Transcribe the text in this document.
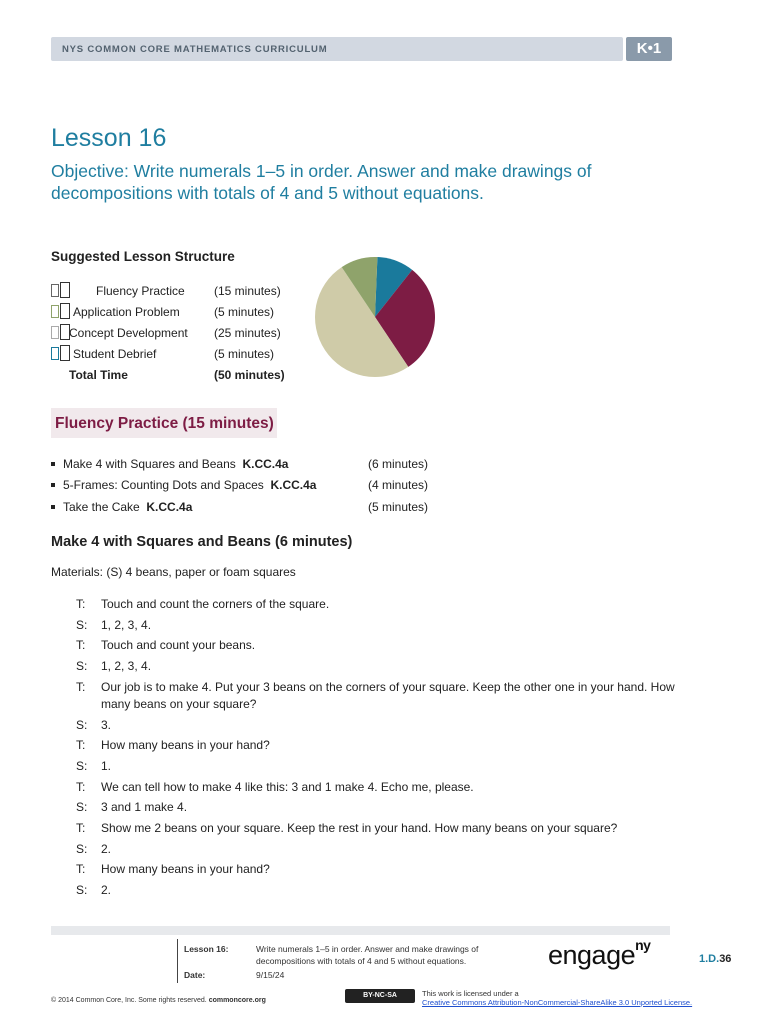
NYS COMMON CORE MATHEMATICS CURRICULUM	K•1
Lesson 16
Objective: Write numerals 1–5 in order. Answer and make drawings of decompositions with totals of 4 and 5 without equations.
Suggested Lesson Structure
Fluency Practice (15 minutes)
Application Problem	(5 minutes)
Concept Development (25 minutes)
Student Debrief	(5 minutes)
Total Time	(50 minutes)
Fluency Practice (15 minutes)
Make 4 with Squares and Beans K.CC.4a	(6 minutes)
5-Frames: Counting Dots and Spaces K.CC.4a	(4 minutes)
Take the Cake K.CC.4a	(5 minutes)
Make 4 with Squares and Beans (6 minutes)
Materials: (S) 4 beans, paper or foam squares
T: Touch and count the corners of the square.
S: 1, 2, 3, 4.
T: Touch and count your beans.
S: 1, 2, 3, 4.
T: Our job is to make 4. Put your 3 beans on the corners of your square. Keep the other one in your hand. How many beans on your square?
S: 3.
T: How many beans in your hand?
S: 1.
T: We can tell how to make 4 like this: 3 and 1 make 4. Echo me, please.
S: 3 and 1 make 4.
T: Show me 2 beans on your square. Keep the rest in your hand. How many beans on your square?
S: 2.
T: How many beans in your hand?
S: 2.
Lesson 16:	Write numerals 1–5 in order. Answer and make drawings of
decompositions with totals of 4 and 5 without equations.
Date:	9/15/24
engage$^{ny}$
1.D.36
© 2014 Common Core, Inc. Some rights reserved. commoncore.org
BY-NC-SA	This work is licensed under a
Creative Commons Attribution-NonCommercial-ShareAlike 3.0 Unported License.
